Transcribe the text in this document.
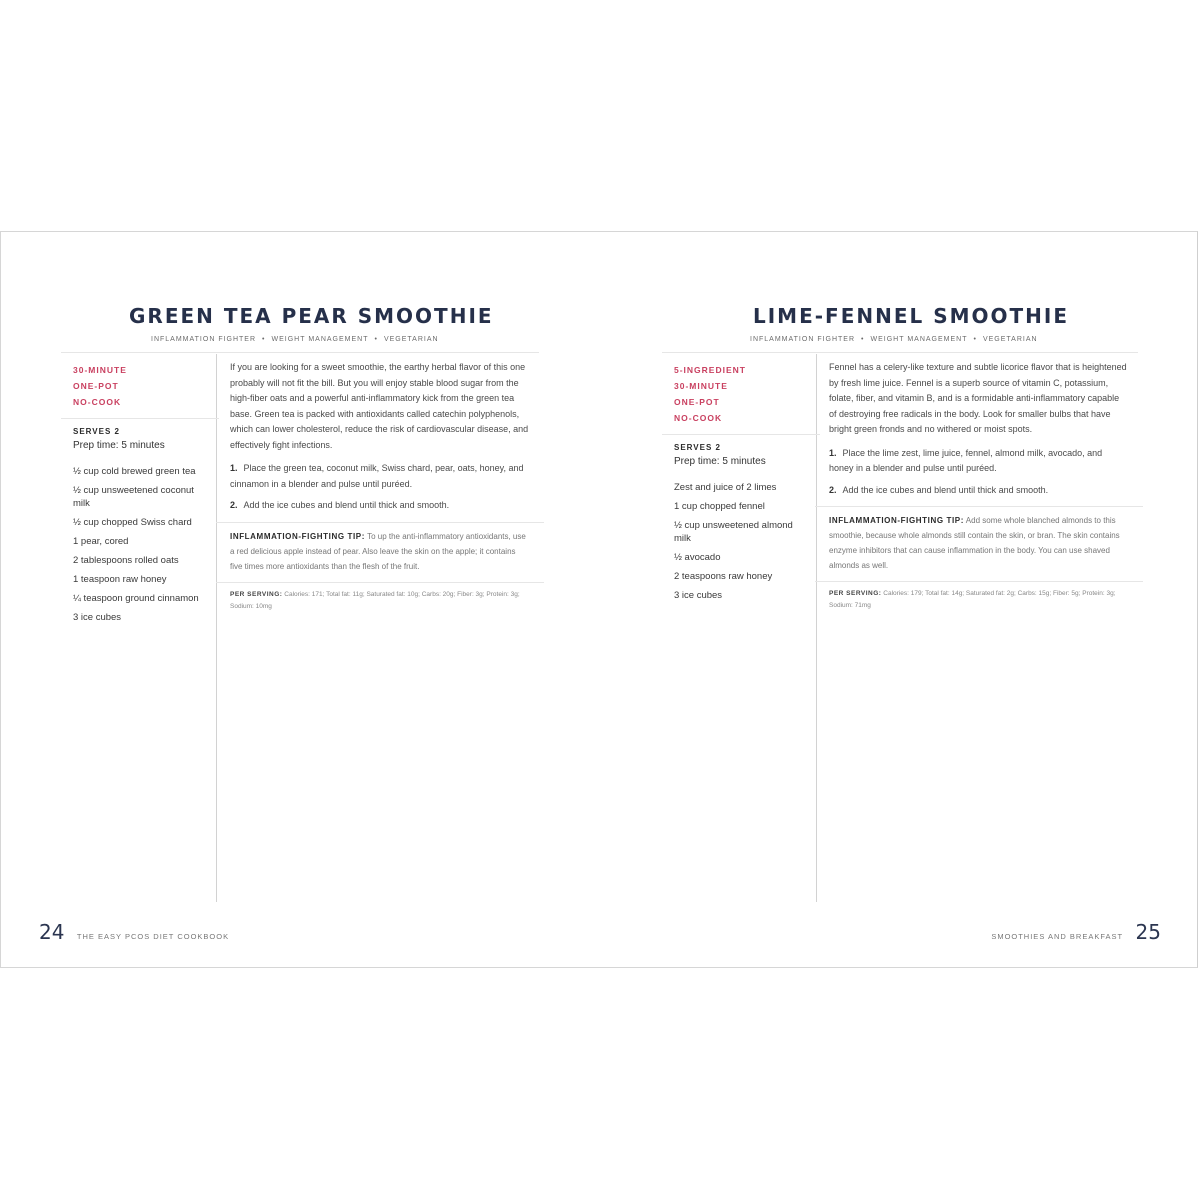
GREEN TEA PEAR SMOOTHIE
INFLAMMATION FIGHTER • WEIGHT MANAGEMENT • VEGETARIAN
30-MINUTE
ONE-POT
NO-COOK
SERVES 2
Prep time: 5 minutes
½ cup cold brewed green tea
½ cup unsweetened coconut milk
½ cup chopped Swiss chard
1 pear, cored
2 tablespoons rolled oats
1 teaspoon raw honey
¼ teaspoon ground cinnamon
3 ice cubes

If you are looking for a sweet smoothie, the earthy herbal flavor of this one probably will not fit the bill. But you will enjoy stable blood sugar from the high-fiber oats and a powerful anti-inflammatory kick from the green tea base. Green tea is packed with antioxidants called catechin polyphenols, which can lower cholesterol, reduce the risk of cardiovascular disease, and effectively fight infections.

1. Place the green tea, coconut milk, Swiss chard, pear, oats, honey, and cinnamon in a blender and pulse until puréed.
2. Add the ice cubes and blend until thick and smooth.
INFLAMMATION-FIGHTING TIP: To up the anti-inflammatory antioxidants, use a red delicious apple instead of pear. Also leave the skin on the apple; it contains five times more antioxidants than the flesh of the fruit.
PER SERVING: Calories: 171; Total fat: 11g; Saturated fat: 10g; Carbs: 20g; Fiber: 3g; Protein: 3g; Sodium: 10mg
24 THE EASY PCOS DIET COOKBOOK
LIME-FENNEL SMOOTHIE
INFLAMMATION FIGHTER • WEIGHT MANAGEMENT • VEGETARIAN
5-INGREDIENT
30-MINUTE
ONE-POT
NO-COOK
SERVES 2
Prep time: 5 minutes
Zest and juice of 2 limes
1 cup chopped fennel
½ cup unsweetened almond milk
½ avocado
2 teaspoons raw honey
3 ice cubes

Fennel has a celery-like texture and subtle licorice flavor that is heightened by fresh lime juice. Fennel is a superb source of vitamin C, potassium, folate, fiber, and vitamin B, and is a formidable anti-inflammatory capable of destroying free radicals in the body. Look for smaller bulbs that have bright green fronds and no withered or moist spots.

1. Place the lime zest, lime juice, fennel, almond milk, avocado, and honey in a blender and pulse until puréed.
2. Add the ice cubes and blend until thick and smooth.
INFLAMMATION-FIGHTING TIP: Add some whole blanched almonds to this smoothie, because whole almonds still contain the skin, or bran. The skin contains enzyme inhibitors that can cause inflammation in the body. You can use shaved almonds as well.
PER SERVING: Calories: 179; Total fat: 14g; Saturated fat: 2g; Carbs: 15g; Fiber: 5g; Protein: 3g; Sodium: 71mg
SMOOTHIES AND BREAKFAST 25
